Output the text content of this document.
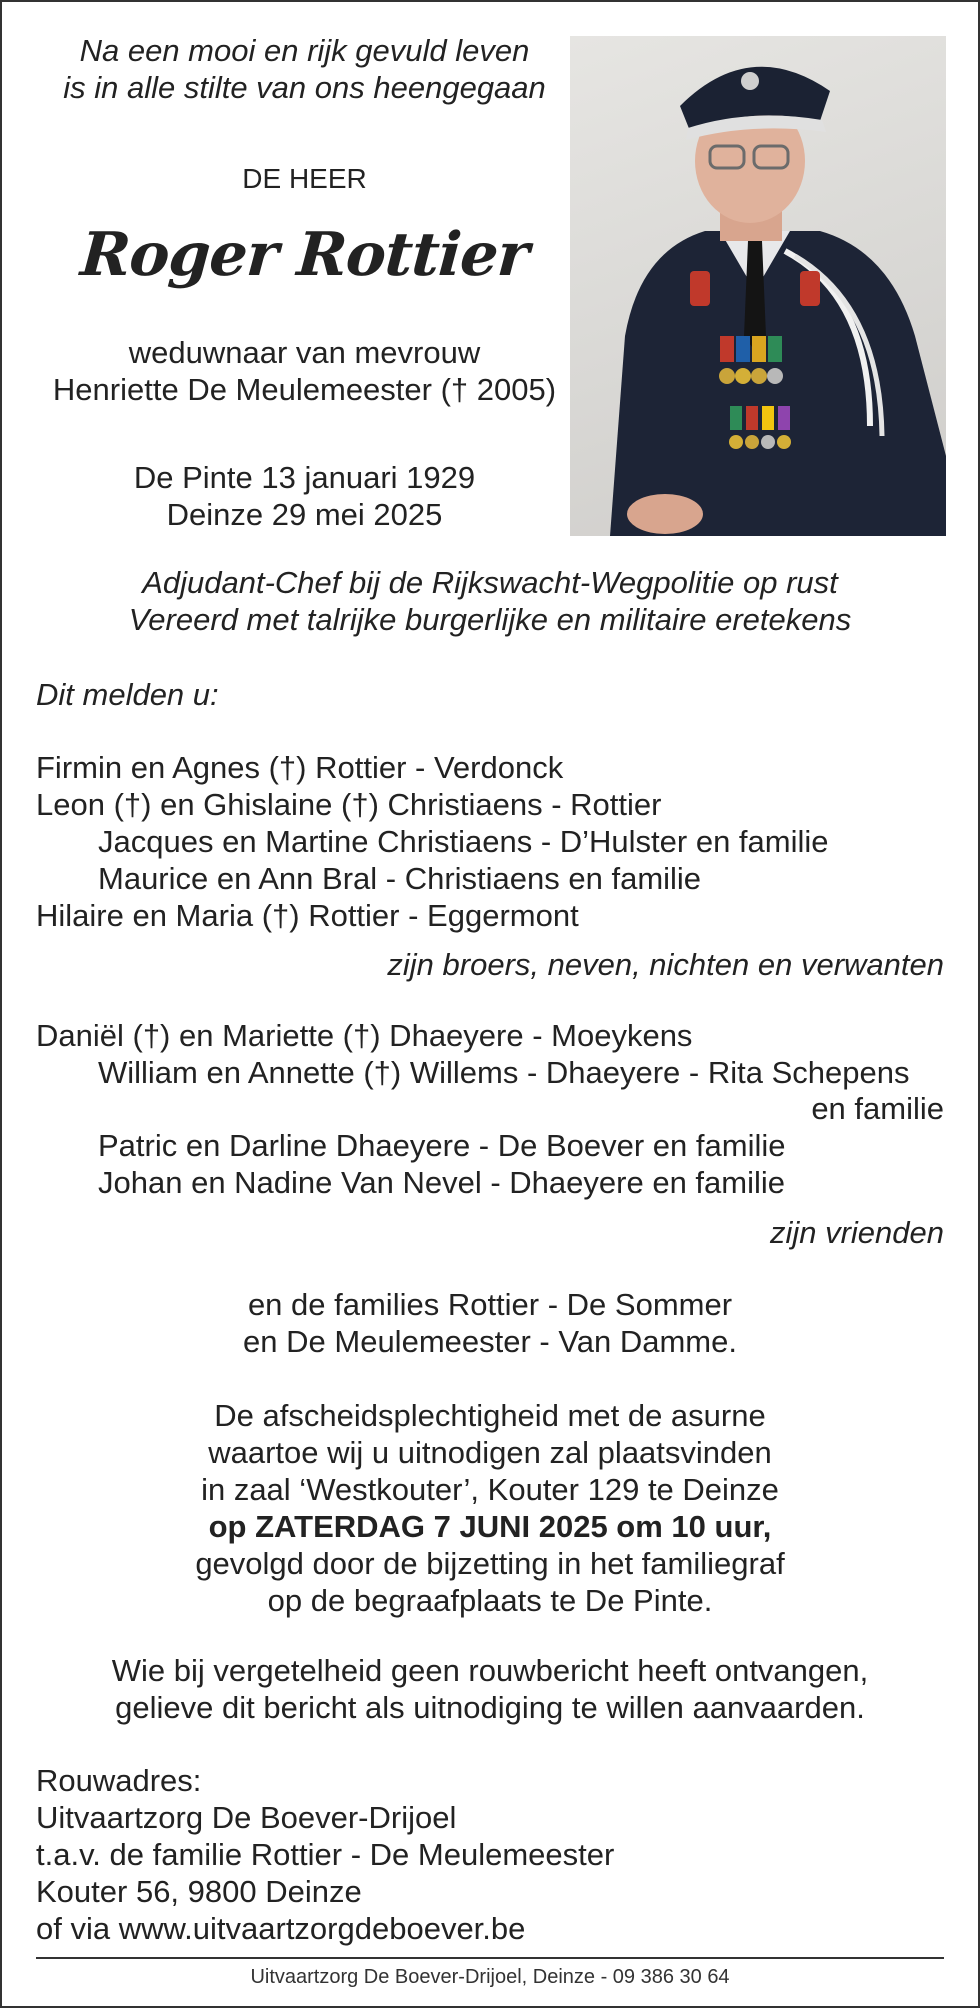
Na een mooi en rijk gevuld leven
is in alle stilte van ons heengegaan
DE HEER
Roger Rottier
weduwnaar van mevrouw
Henriette De Meulemeester († 2005)
De Pinte 13 januari 1929
Deinze 29 mei 2025
Adjudant-Chef bij de Rijkswacht-Wegpolitie op rust
Vereerd met talrijke burgerlijke en militaire eretekens
Dit melden u:
Firmin en Agnes (†) Rottier - Verdonck
Leon (†) en Ghislaine (†) Christiaens - Rottier
Jacques en Martine Christiaens - D’Hulster en familie
Maurice en Ann Bral - Christiaens en familie
Hilaire en Maria (†) Rottier - Eggermont
zijn broers, neven, nichten en verwanten
Daniël (†) en Mariette (†) Dhaeyere - Moeykens
William en Annette (†) Willems - Dhaeyere - Rita Schepens
en familie
Patric en Darline Dhaeyere - De Boever en familie
Johan en Nadine Van Nevel - Dhaeyere en familie
zijn vrienden
en de families Rottier - De Sommer
en De Meulemeester - Van Damme.
De afscheidsplechtigheid met de asurne
waartoe wij u uitnodigen zal plaatsvinden
in zaal ‘Westkouter’, Kouter 129 te Deinze
op ZATERDAG 7 JUNI 2025 om 10 uur,
gevolgd door de bijzetting in het familiegraf
op de begraafplaats te De Pinte.
Wie bij vergetelheid geen rouwbericht heeft ontvangen,
gelieve dit bericht als uitnodiging te willen aanvaarden.
Rouwadres:
Uitvaartzorg De Boever-Drijoel
t.a.v. de familie Rottier - De Meulemeester
Kouter 56, 9800 Deinze
of via www.uitvaartzorgdeboever.be
Uitvaartzorg De Boever-Drijoel, Deinze - 09 386 30 64
